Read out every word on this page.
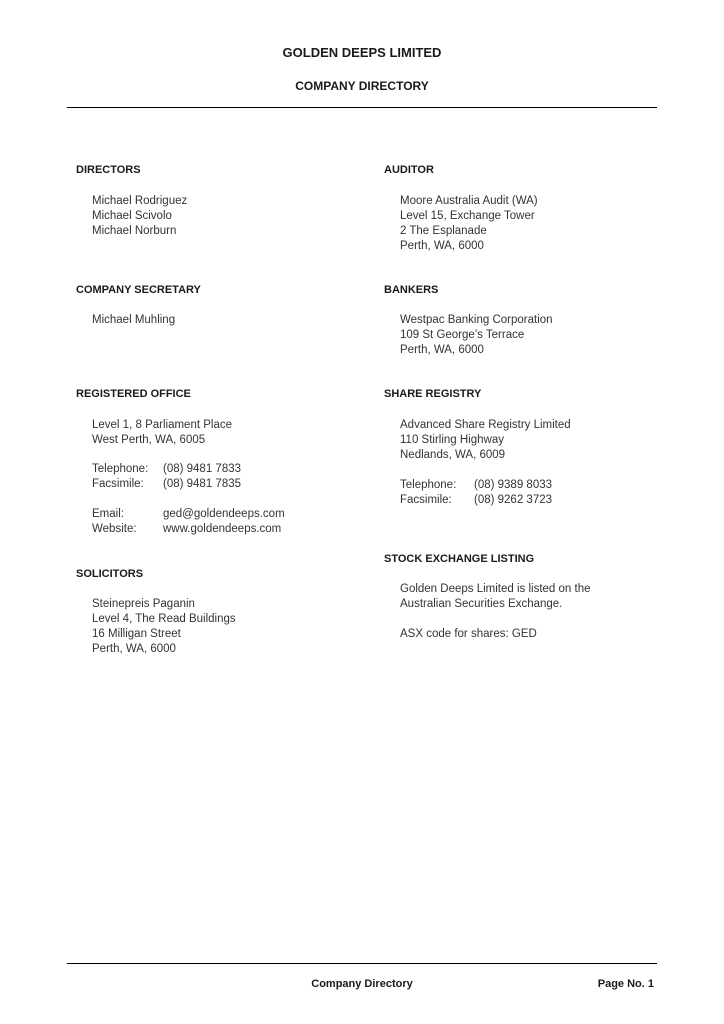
GOLDEN DEEPS LIMITED
COMPANY DIRECTORY
DIRECTORS
Michael Rodriguez
Michael Scivolo
Michael Norburn
COMPANY SECRETARY
Michael Muhling
REGISTERED OFFICE
Level 1, 8 Parliament Place
West Perth, WA, 6005
Telephone:	(08) 9481 7833
Facsimile:	(08) 9481 7835
Email:	ged@goldendeeps.com
Website:	www.goldendeeps.com
SOLICITORS
Steinepreis Paganin
Level 4, The Read Buildings
16 Milligan Street
Perth, WA, 6000
AUDITOR
Moore Australia Audit (WA)
Level 15, Exchange Tower
2 The Esplanade
Perth, WA, 6000
BANKERS
Westpac Banking Corporation
109 St George’s Terrace
Perth, WA, 6000
SHARE REGISTRY
Advanced Share Registry Limited
110 Stirling Highway
Nedlands, WA, 6009
Telephone:	(08) 9389 8033
Facsimile:	(08) 9262 3723
STOCK EXCHANGE LISTING
Golden Deeps Limited is listed on the
Australian Securities Exchange.
ASX code for shares: GED
Company Directory	Page No. 1
